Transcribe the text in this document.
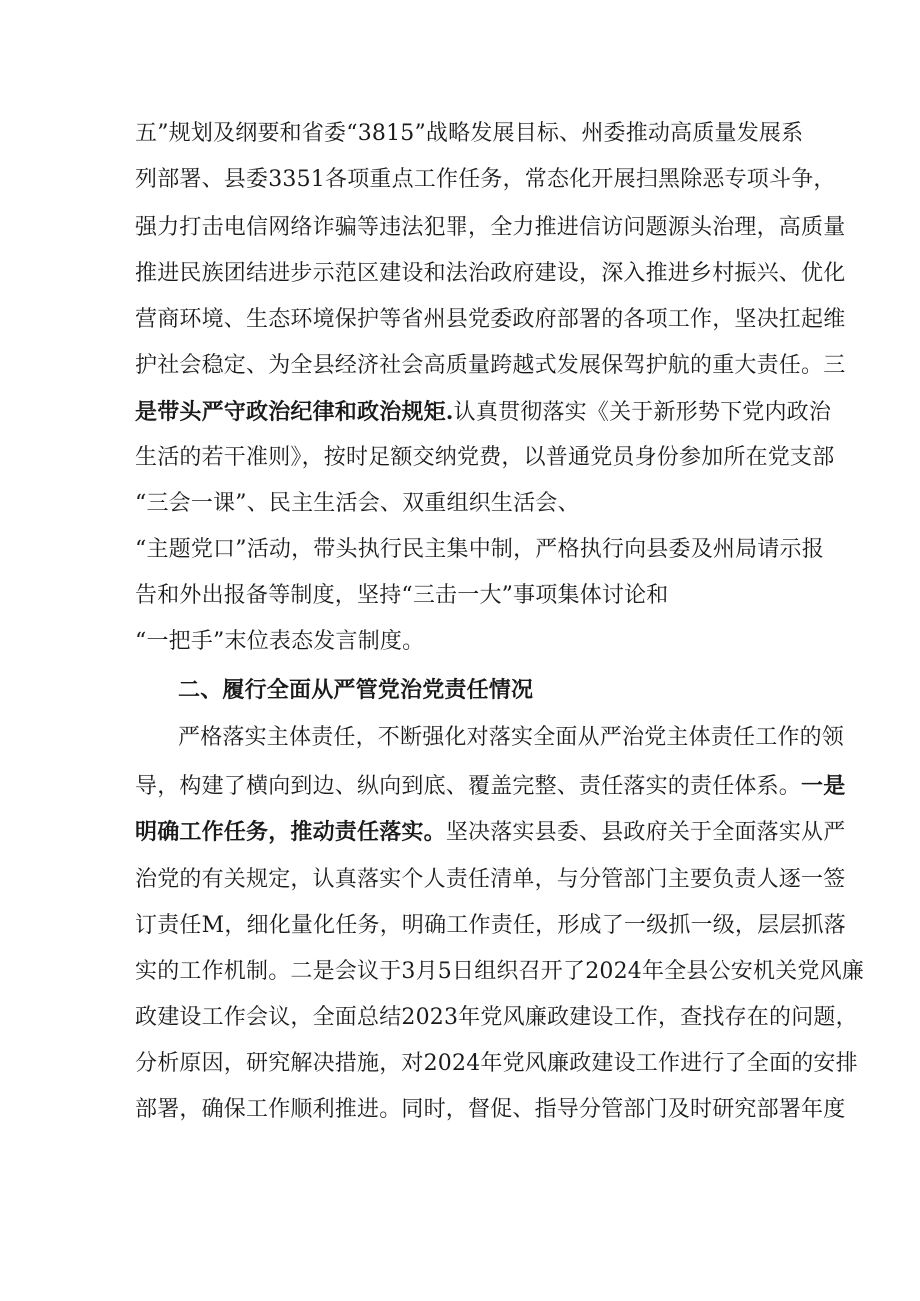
五”规划及纲要和省委“3815”战略发展目标、州委推动高质量发展系
列部署、县委3351各项重点工作任务，常态化开展扫黑除恶专项斗争，
强力打击电信网络诈骗等违法犯罪，全力推进信访问题源头治理，高质量
推进民族团结进步示范区建设和法治政府建设，深入推进乡村振兴、优化
营商环境、生态环境保护等省州县党委政府部署的各项工作，坚决扛起维
护社会稳定、为全县经济社会高质量跨越式发展保驾护航的重大责任。三
是带头严守政治纪律和政治规矩.认真贯彻落实《关于新形势下党内政治
生活的若干准则》，按时足额交纳党费，以普通党员身份参加所在党支部
“三会一课”、民主生活会、双重组织生活会、
“主题党口”活动，带头执行民主集中制，严格执行向县委及州局请示报
告和外出报备等制度，坚持“三击一大”事项集体讨论和
“一把手”末位表态发言制度。
二、履行全面从严管党治党责任情况
严格落实主体责任，不断强化对落实全面从严治党主体责任工作的领
导，构建了横向到边、纵向到底、覆盖完整、责任落实的责任体系。一是
明确工作任务，推动责任落实。坚决落实县委、县政府关于全面落实从严
治党的有关规定，认真落实个人责任清单，与分管部门主要负责人逐一签
订责任M，细化量化任务，明确工作责任，形成了一级抓一级，层层抓落
实的工作机制。二是会议于3月5日组织召开了2024年全县公安机关党风廉
政建设工作会议，全面总结2023年党风廉政建设工作，查找存在的问题，
分析原因，研究解决措施，对2024年党风廉政建设工作进行了全面的安排
部署，确保工作顺利推进。同时，督促、指导分管部门及时研究部署年度
